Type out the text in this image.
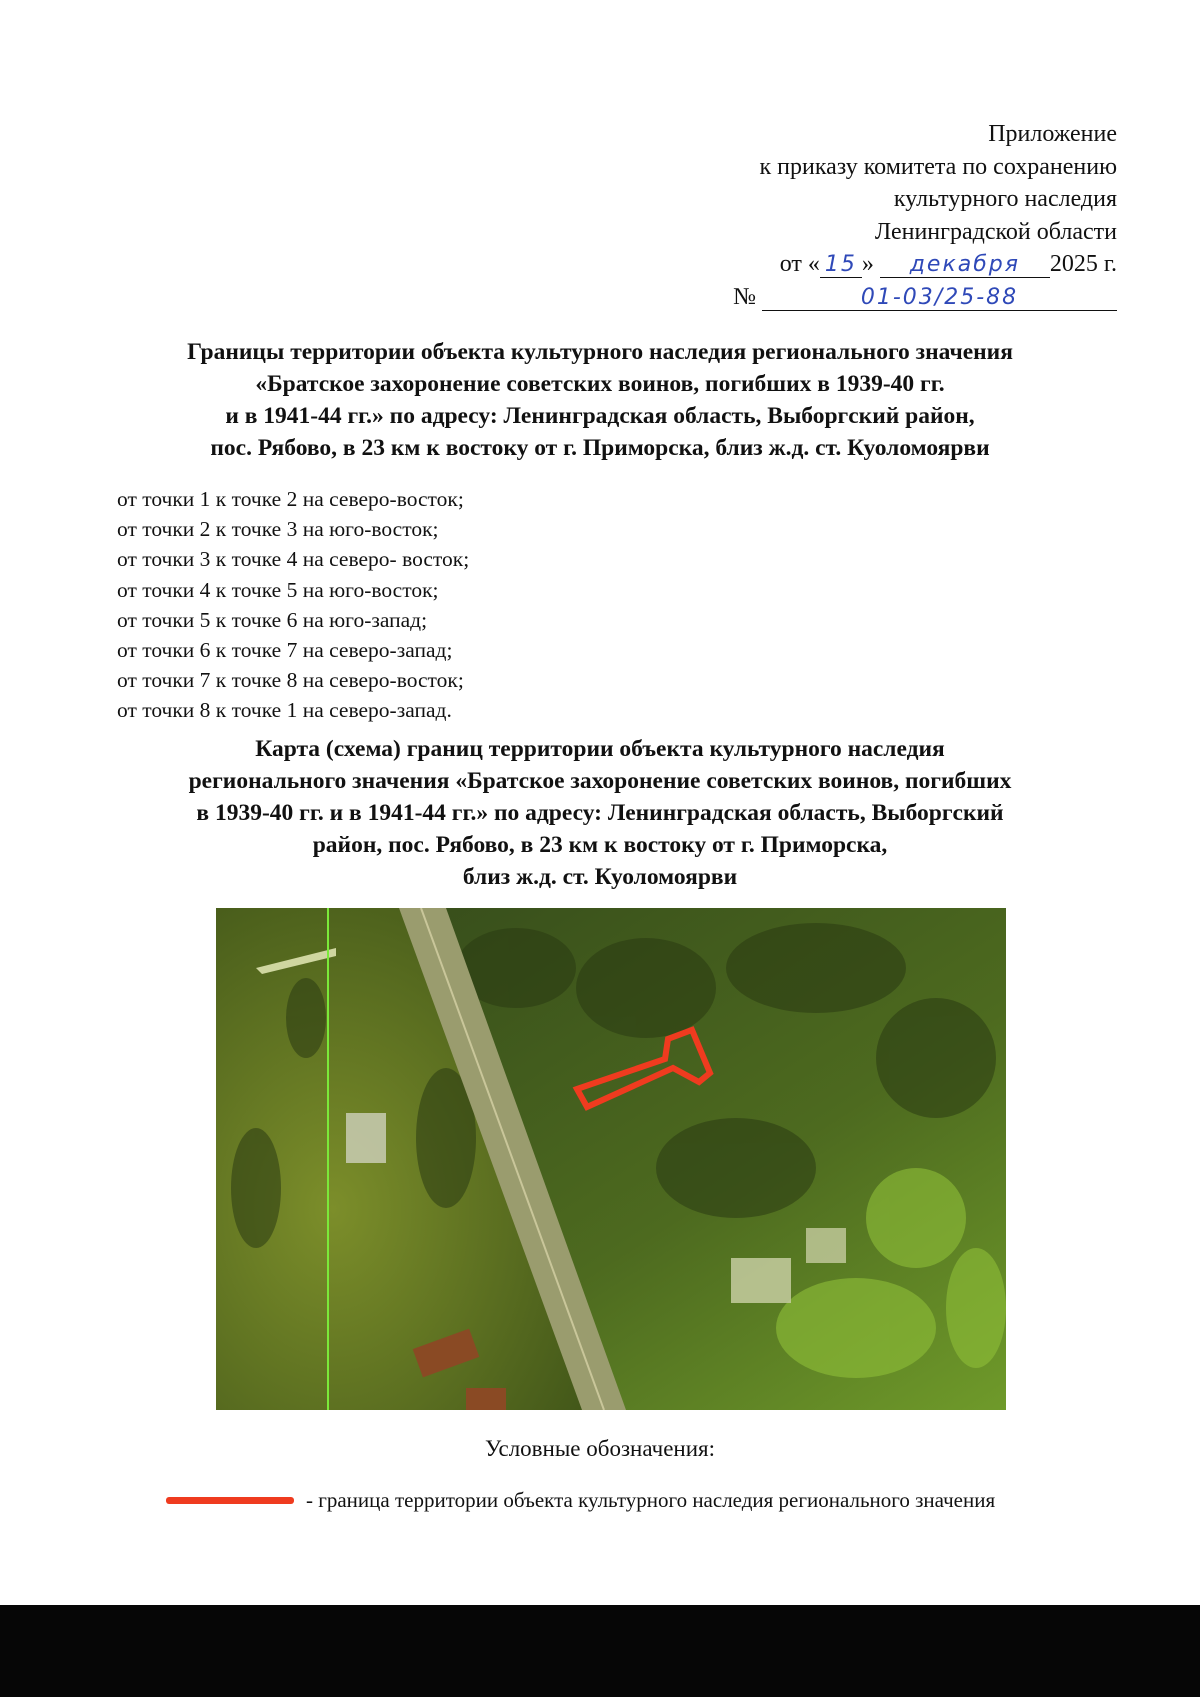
Приложение
к приказу комитета по сохранению
культурного наследия
Ленинградской области
от « 15 » декабря 2025 г.
№	01-03/25-88
Границы территории объекта культурного наследия регионального значения
«Братское захоронение советских воинов, погибших в 1939-40 гг.
и в 1941-44 гг.» по адресу: Ленинградская область, Выборгский район,
пос. Рябово, в 23 км к востоку от г. Приморска, близ ж.д. ст. Куоломоярви
от точки 1 к точке 2 на северо-восток;
от точки 2 к точке 3 на юго-восток;
от точки 3 к точке 4 на северо- восток;
от точки 4 к точке 5 на юго-восток;
от точки 5 к точке 6 на юго-запад;
от точки 6 к точке 7 на северо-запад;
от точки 7 к точке 8 на северо-восток;
от точки 8 к точке 1 на северо-запад.
Карта (схема) границ территории объекта культурного наследия
регионального значения «Братское захоронение советских воинов, погибших
в 1939-40 гг. и в 1941-44 гг.» по адресу: Ленинградская область, Выборгский
район, пос. Рябово, в 23 км к востоку от г. Приморска,
близ ж.д. ст. Куоломоярви
Условные обозначения:
- граница территории объекта культурного наследия регионального значения
